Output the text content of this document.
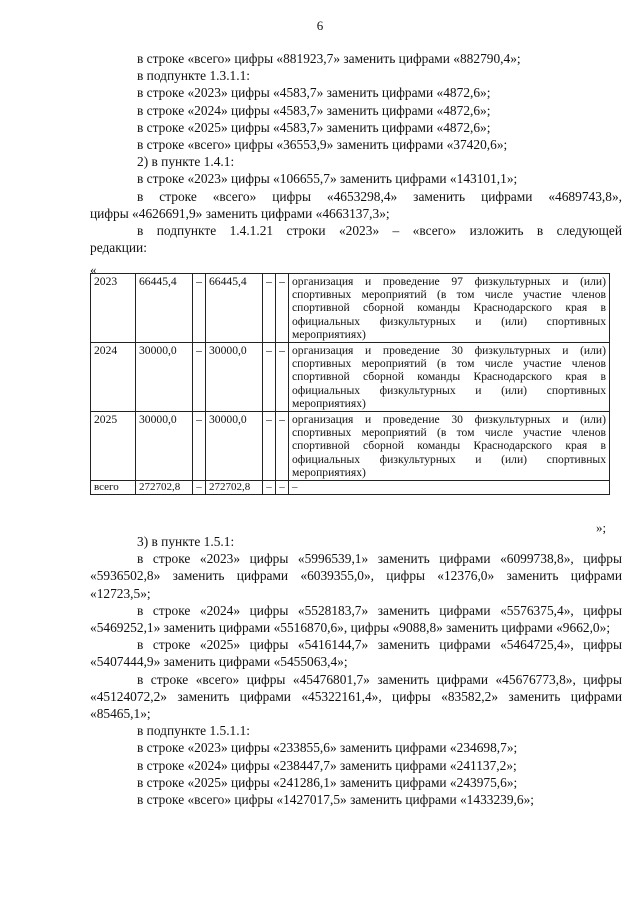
6

в строке «всего» цифры «881923,7» заменить цифрами «882790,4»;

в подпункте 1.3.1.1:

в строке «2023» цифры «4583,7» заменить цифрами «4872,6»;

в строке «2024» цифры «4583,7» заменить цифрами «4872,6»;

в строке «2025» цифры «4583,7» заменить цифрами «4872,6»;

в строке «всего» цифры «36553,9» заменить цифрами «37420,6»;

2) в пункте 1.4.1:

в строке «2023» цифры «106655,7» заменить цифрами «143101,1»;

в строке «всего» цифры «4653298,4» заменить цифрами «4689743,8»,

цифры «4626691,9» заменить цифрами «4663137,3»;

в подпункте 1.4.1.21 строки «2023» – «всего» изложить в следующей

редакции:

«
2023	66445,4	–	66445,4	–	–	организация и проведение 97 физкультурных и (или) спортивных мероприятий (в том числе участие членов спортивной сборной команды Краснодарского края в официальных физкультурных и (или) спортивных мероприятиях)
2024	30000,0	–	30000,0	–	–	организация и проведение 30 физкультурных и (или) спортивных мероприятий (в том числе участие членов спортивной сборной команды Краснодарского края в официальных физкультурных и (или) спортивных мероприятиях)
2025	30000,0	–	30000,0	–	–	организация и проведение 30 физкультурных и (или) спортивных мероприятий (в том числе участие членов спортивной сборной команды Краснодарского края в официальных физкультурных и (или) спортивных мероприятиях)
всего	272702,8	–	272702,8	–	–	–
»;

3) в пункте 1.5.1:

в строке «2023» цифры «5996539,1» заменить цифрами «6099738,8», цифры «5936502,8» заменить цифрами «6039355,0», цифры «12376,0» заменить цифрами «12723,5»;

в строке «2024» цифры «5528183,7» заменить цифрами «5576375,4», цифры «5469252,1» заменить цифрами «5516870,6», цифры «9088,8» заменить цифрами «9662,0»;

в строке «2025» цифры «5416144,7» заменить цифрами «5464725,4», цифры «5407444,9» заменить цифрами «5455063,4»;

в строке «всего» цифры «45476801,7» заменить цифрами «45676773,8», цифры «45124072,2» заменить цифрами «45322161,4», цифры «83582,2» заменить цифрами «85465,1»;

в подпункте 1.5.1.1:

в строке «2023» цифры «233855,6» заменить цифрами «234698,7»;

в строке «2024» цифры «238447,7» заменить цифрами «241137,2»;

в строке «2025» цифры «241286,1» заменить цифрами «243975,6»;

в строке «всего» цифры «1427017,5» заменить цифрами «1433239,6»;
